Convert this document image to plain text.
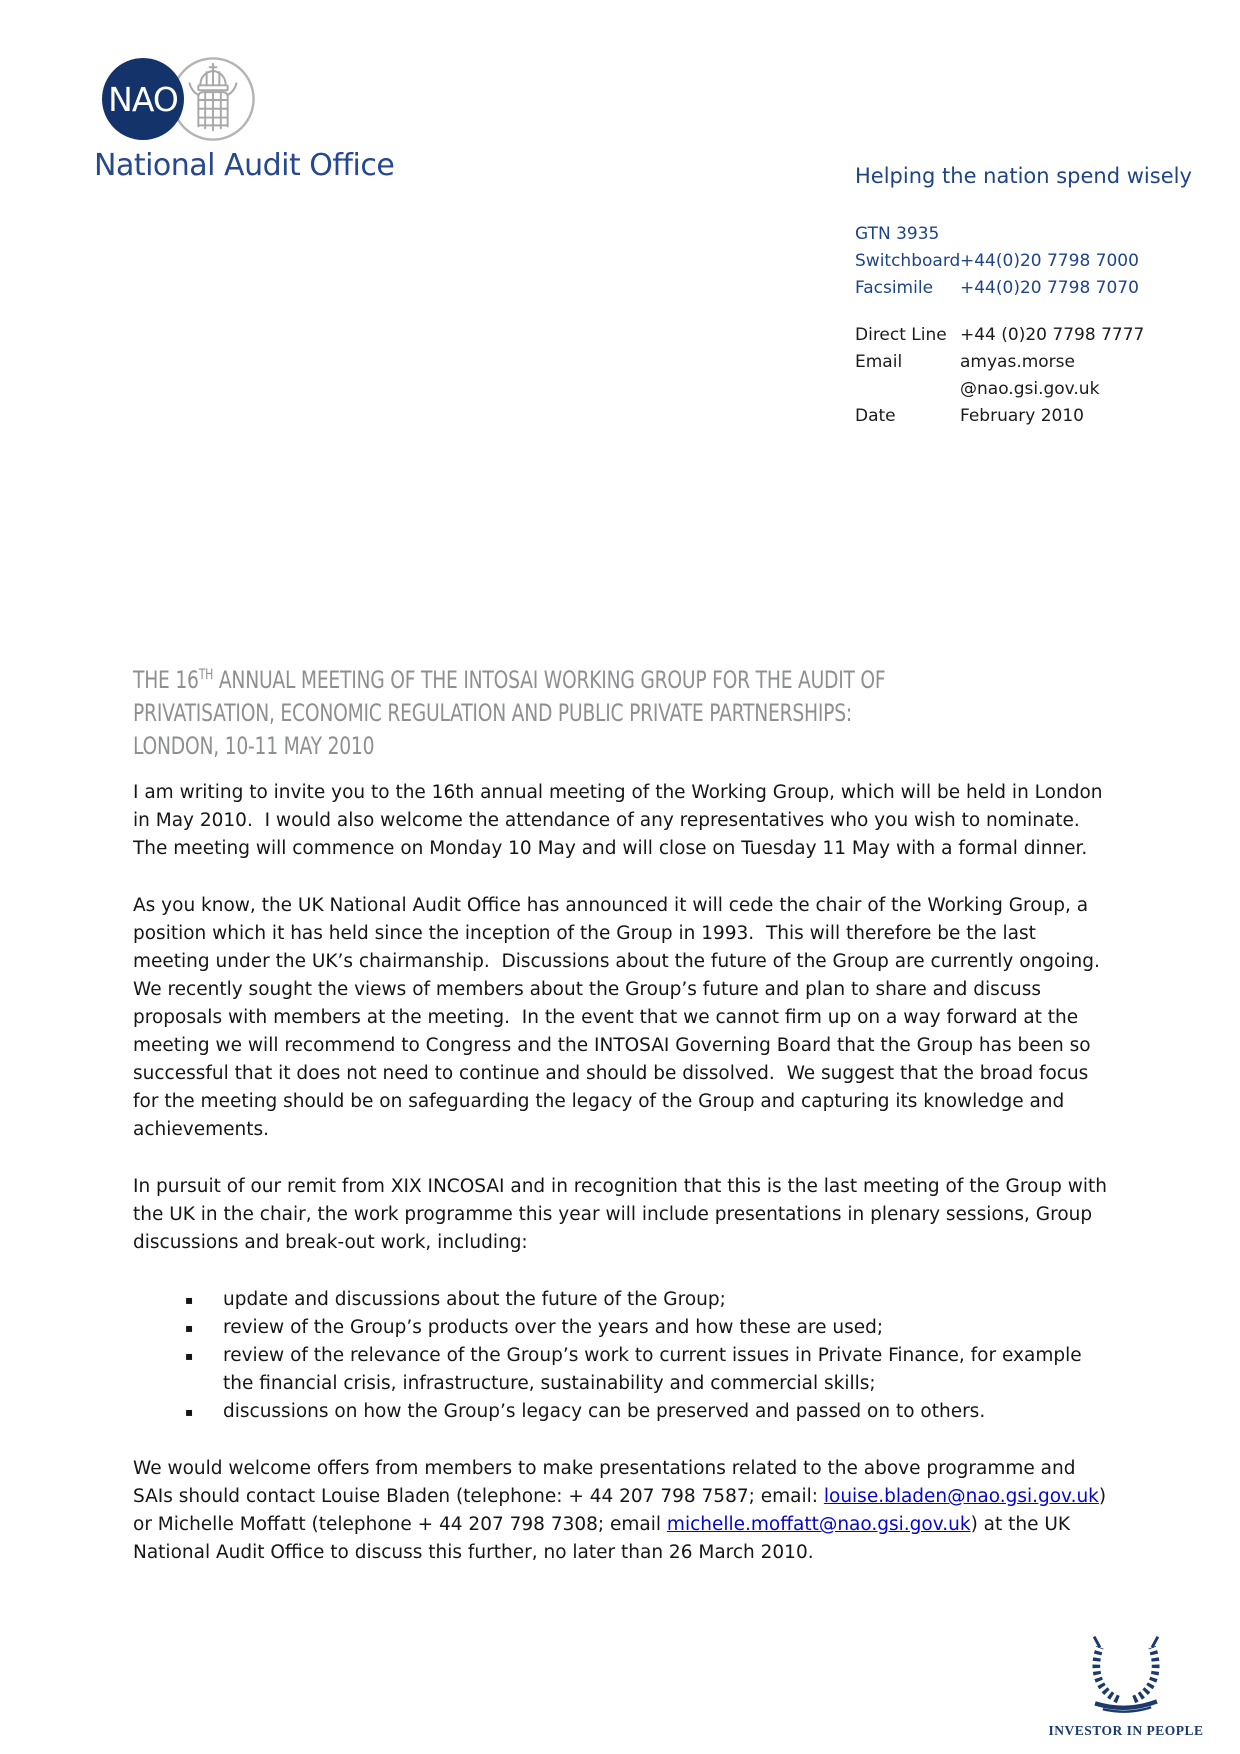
NAO
National Audit Office	Helping the nation spend wisely
GTN 3935
Switchboard +44(0)20 7798 7000
Facsimile	+44(0)20 7798 7070
Direct Line +44 (0)20 7798 7777
Email	amyas.morse
@nao.gsi.gov.uk
Date	February 2010
THE 16TH ANNUAL MEETING OF THE INTOSAI WORKING GROUP FOR THE AUDIT OF
PRIVATISATION, ECONOMIC REGULATION AND PUBLIC PRIVATE PARTNERSHIPS:
LONDON, 10-11 MAY 2010

I am writing to invite you to the 16th annual meeting of the Working Group, which will be held in London in May 2010.  I would also welcome the attendance of any representatives who you wish to nominate. The meeting will commence on Monday 10 May and will close on Tuesday 11 May with a formal dinner.

As you know, the UK National Audit Office has announced it will cede the chair of the Working Group, a position which it has held since the inception of the Group in 1993.  This will therefore be the last meeting under the UK’s chairmanship.  Discussions about the future of the Group are currently ongoing.  We recently sought the views of members about the Group’s future and plan to share and discuss proposals with members at the meeting.  In the event that we cannot firm up on a way forward at the meeting we will recommend to Congress and the INTOSAI Governing Board that the Group has been so successful that it does not need to continue and should be dissolved.  We suggest that the broad focus for the meeting should be on safeguarding the legacy of the Group and capturing its knowledge and achievements.

In pursuit of our remit from XIX INCOSAI and in recognition that this is the last meeting of the Group with the UK in the chair, the work programme this year will include presentations in plenary sessions, Group discussions and break-out work, including:

▪	update and discussions about the future of the Group;
▪	review of the Group’s products over the years and how these are used;
▪	review of the relevance of the Group’s work to current issues in Private Finance, for example the financial crisis, infrastructure, sustainability and commercial skills;
▪	discussions on how the Group’s legacy can be preserved and passed on to others.

We would welcome offers from members to make presentations related to the above programme and SAIs should contact Louise Bladen (telephone: + 44 207 798 7587; email: louise.bladen@nao.gsi.gov.uk) or Michelle Moffatt (telephone + 44 207 798 7308; email michelle.moffatt@nao.gsi.gov.uk) at the UK National Audit Office to discuss this further, no later than 26 March 2010.

INVESTOR IN PEOPLE
